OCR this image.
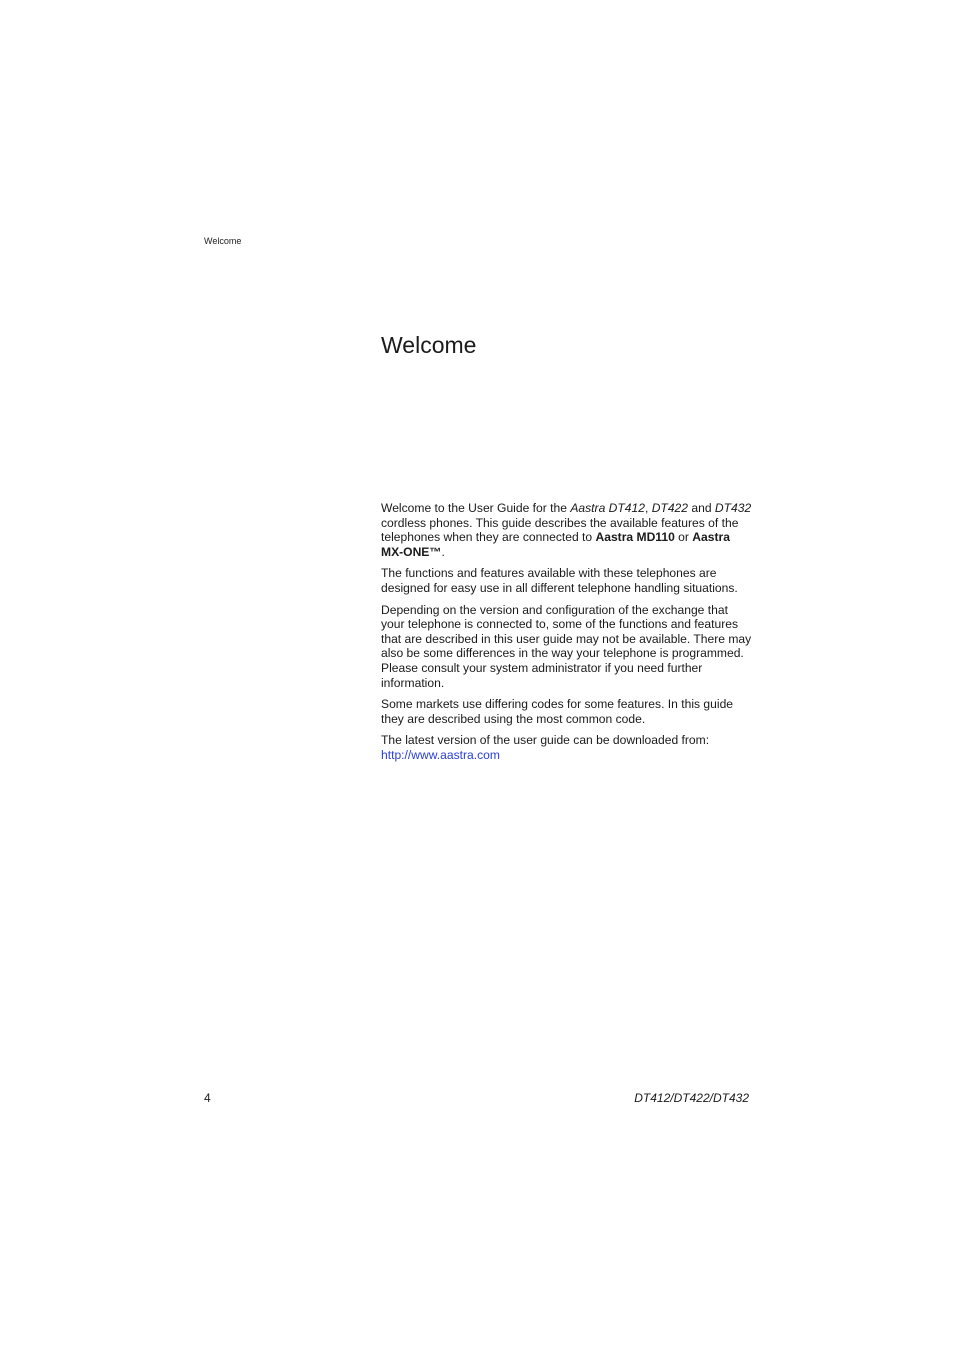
Welcome
Welcome

Welcome to the User Guide for the Aastra DT412, DT422 and DT432 cordless phones. This guide describes the available features of the telephones when they are connected to Aastra MD110 or Aastra MX-ONE™.

The functions and features available with these telephones are designed for easy use in all different telephone handling situations.

Depending on the version and configuration of the exchange that your telephone is connected to, some of the functions and features that are described in this user guide may not be available. There may also be some differences in the way your telephone is programmed. Please consult your system administrator if you need further information.

Some markets use differing codes for some features. In this guide they are described using the most common code.

The latest version of the user guide can be downloaded from:
http://www.aastra.com

4	DT412/DT422/DT432
